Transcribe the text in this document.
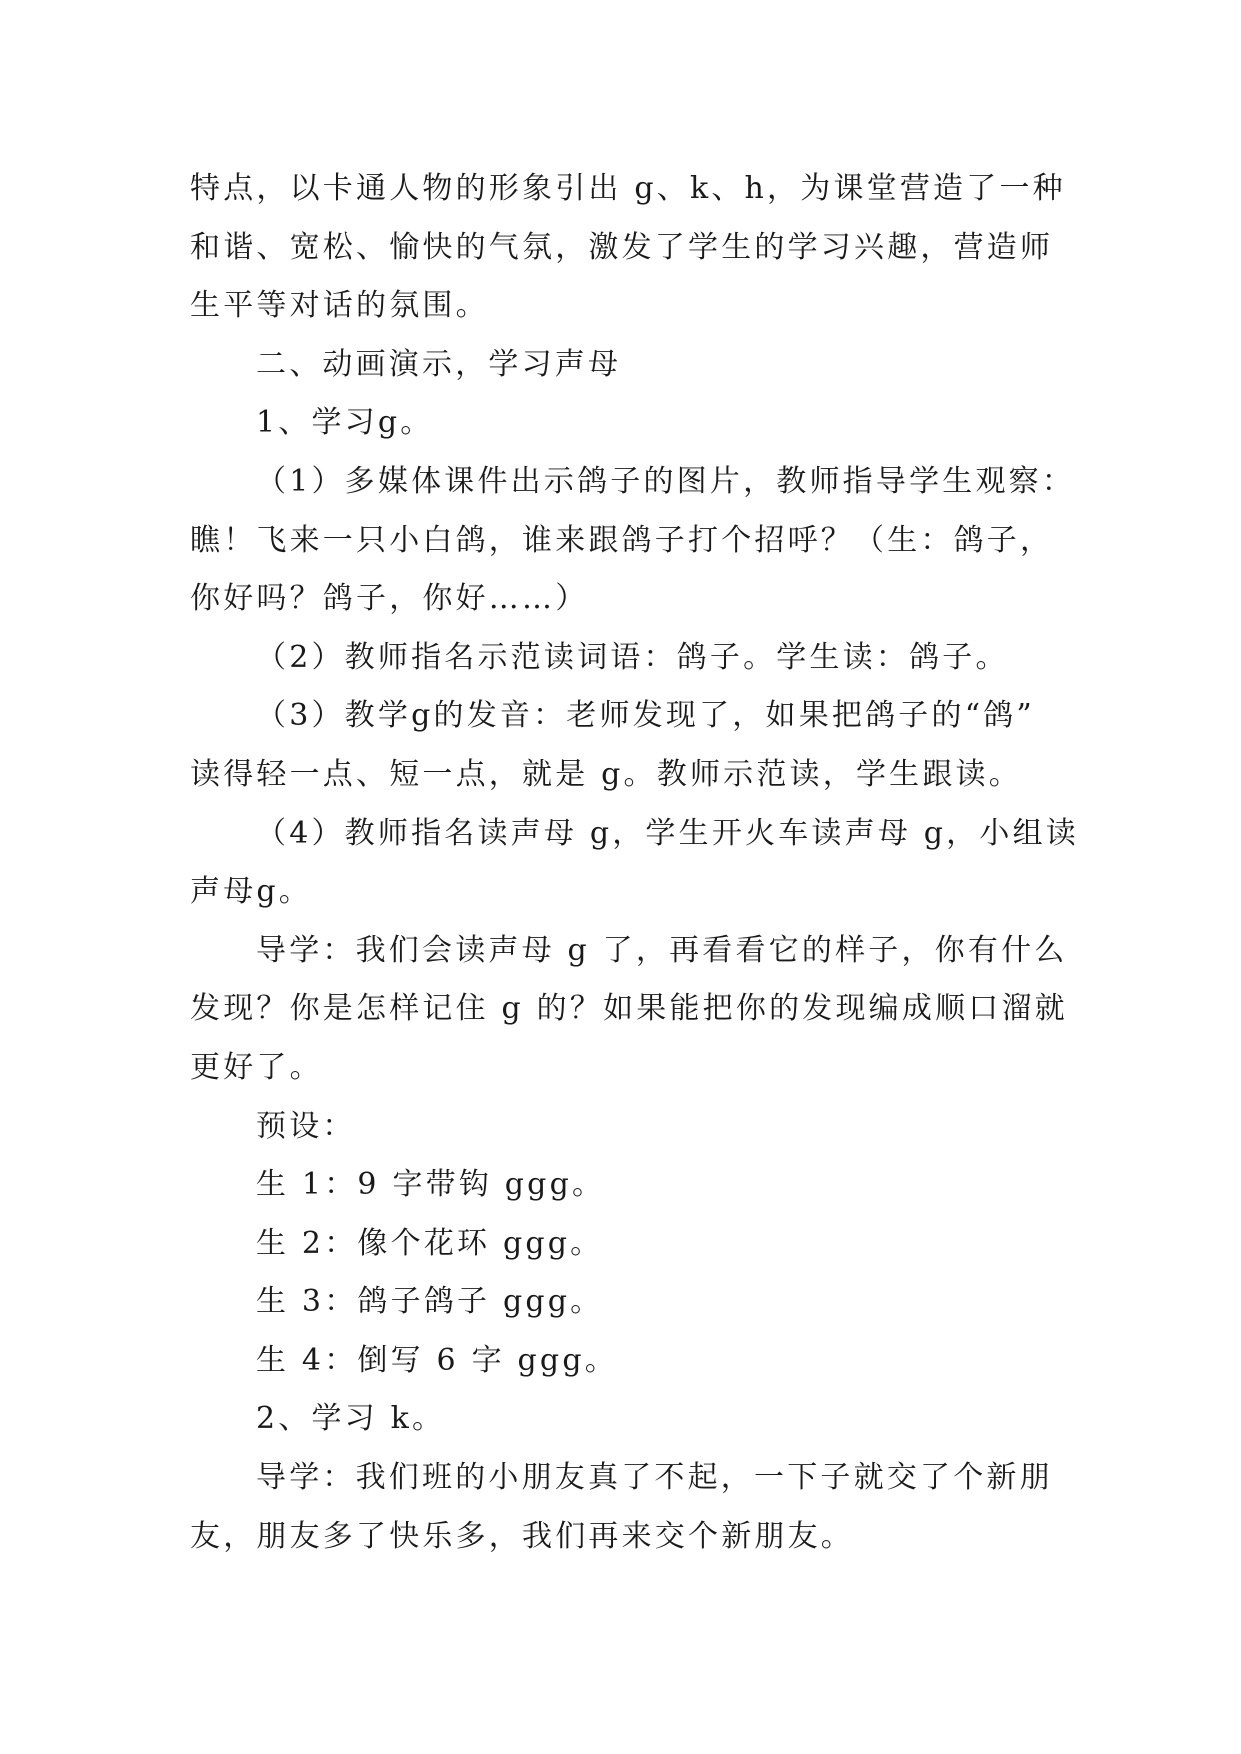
特点，以卡通人物的形象引出 g、k、h，为课堂营造了一种
和谐、宽松、愉快的气氛，激发了学生的学习兴趣，营造师
生平等对话的氛围。
二、动画演示，学习声母
1、学习g。
（1）多媒体课件出示鸽子的图片，教师指导学生观察：
瞧！飞来一只小白鸽，谁来跟鸽子打个招呼？（生：鸽子，
你好吗？鸽子，你好……）
（2）教师指名示范读词语：鸽子。学生读：鸽子。
（3）教学g的发音：老师发现了，如果把鸽子的“鸽”
读得轻一点、短一点，就是 g。教师示范读，学生跟读。
（4）教师指名读声母 g，学生开火车读声母 g，小组读
声母g。
导学：我们会读声母 g 了，再看看它的样子，你有什么
发现？你是怎样记住 g 的？如果能把你的发现编成顺口溜就
更好了。
预设：
生 1：9 字带钩 ggg。
生 2：像个花环 ggg。
生 3：鸽子鸽子 ggg。
生 4：倒写 6 字 ggg。
2、学习 k。
导学：我们班的小朋友真了不起，一下子就交了个新朋
友，朋友多了快乐多，我们再来交个新朋友。
